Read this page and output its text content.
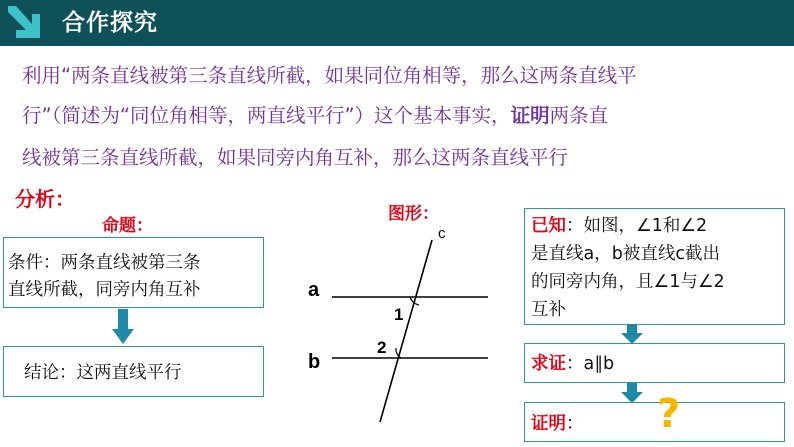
合作探究
利用“两条直线被第三条直线所截，如果同位角相等，那么这两条直线平
行”（简述为“同位角相等，两直线平行”）这个基本事实，证明两条直
线被第三条直线所截，如果同旁内角互补，那么这两条直线平行
分析：
命题：
图形：
条件：两条直线被第三条
直线所截，同旁内角互补
结论：这两直线平行
c
a
b
1
2
已知：如图，∠1和∠2
是直线a，b被直线c截出
的同旁内角，且∠1与∠2
互补
求证：a∥b
证明：	?
